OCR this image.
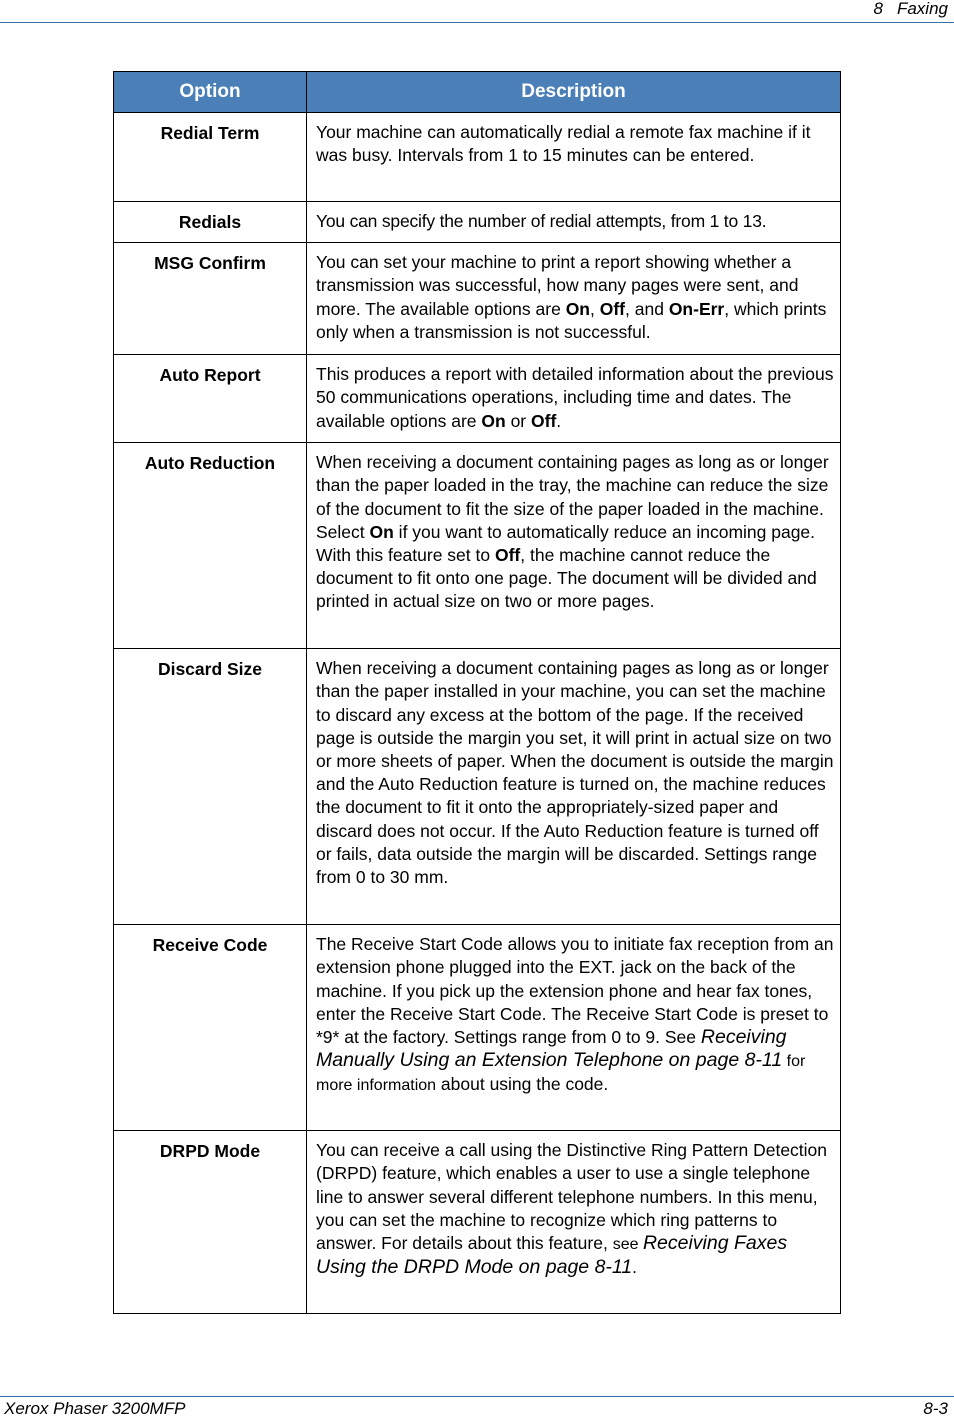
8 Faxing
Option	Description
Redial Term	Your machine can automatically redial a remote fax machine if it was busy. Intervals from 1 to 15 minutes can be entered.
Redials	You can specify the number of redial attempts, from 1 to 13.
MSG Confirm	You can set your machine to print a report showing whether a transmission was successful, how many pages were sent, and more. The available options are On, Off, and On-Err, which prints only when a transmission is not successful.
Auto Report	This produces a report with detailed information about the previous 50 communications operations, including time and dates. The available options are On or Off.
Auto Reduction	When receiving a document containing pages as long as or longer than the paper loaded in the tray, the machine can reduce the size of the document to fit the size of the paper loaded in the machine. Select On if you want to automatically reduce an incoming page.
With this feature set to Off, the machine cannot reduce the document to fit onto one page. The document will be divided and printed in actual size on two or more pages.
Discard Size	When receiving a document containing pages as long as or longer than the paper installed in your machine, you can set the machine to discard any excess at the bottom of the page. If the received page is outside the margin you set, it will print in actual size on two or more sheets of paper. When the document is outside the margin and the Auto Reduction feature is turned on, the machine reduces the document to fit it onto the appropriately-sized paper and discard does not occur. If the Auto Reduction feature is turned off or fails, data outside the margin will be discarded. Settings range from 0 to 30 mm.
Receive Code	The Receive Start Code allows you to initiate fax reception from an extension phone plugged into the EXT. jack on the back of the machine. If you pick up the extension phone and hear fax tones, enter the Receive Start Code. The Receive Start Code is preset to *9* at the factory. Settings range from 0 to 9. See Receiving Manually Using an Extension Telephone on page 8-11 for more information about using the code.
DRPD Mode	You can receive a call using the Distinctive Ring Pattern Detection (DRPD) feature, which enables a user to use a single telephone line to answer several different telephone numbers. In this menu, you can set the machine to recognize which ring patterns to answer. For details about this feature, see Receiving Faxes Using the DRPD Mode on page 8-11.
Xerox Phaser 3200MFP	8-3
